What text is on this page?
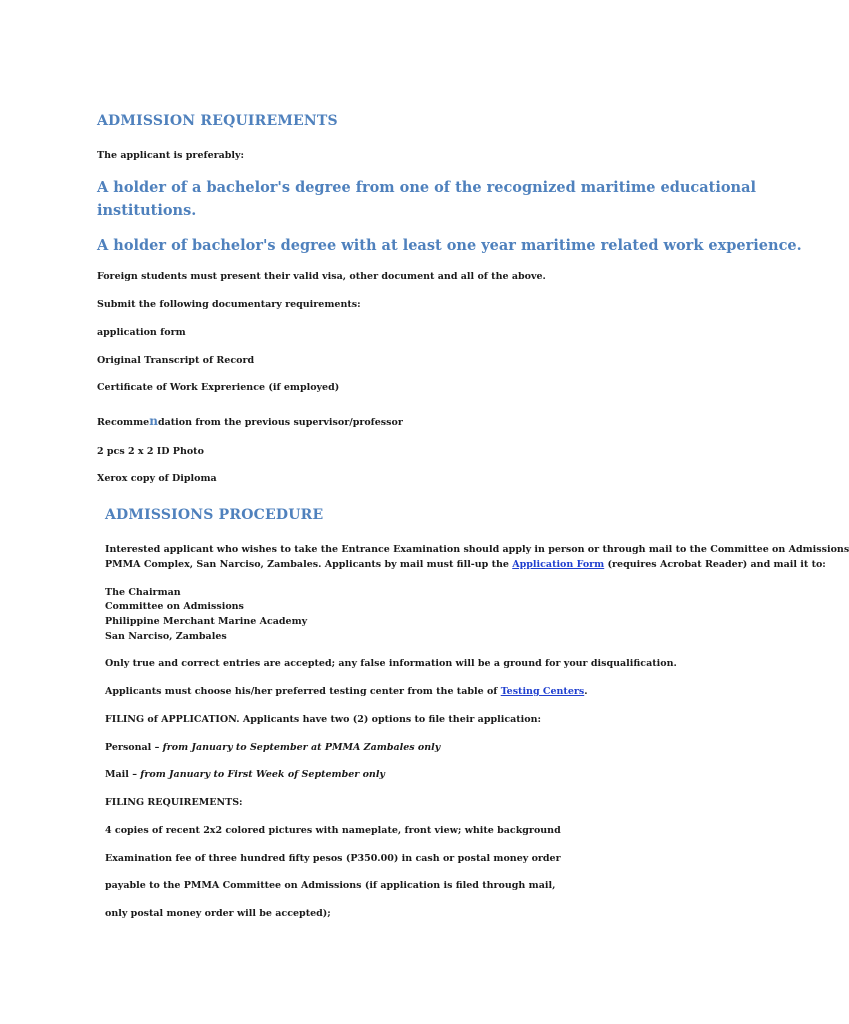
ADMISSION REQUIREMENTS
The applicant is preferably:
A holder of a bachelor's degree from one of the recognized maritime educational
institutions.
A holder of bachelor's degree with at least one year maritime related work experience.
Foreign students must present their valid visa, other document and all of the above.
Submit the following documentary requirements:
application form
Original Transcript of Record
Certificate of Work Exprerience (if employed)
Recommendation from the previous supervisor/professor
2 pcs 2 x 2 ID Photo
Xerox copy of Diploma
ADMISSIONS PROCEDURE
Interested applicant who wishes to take the Entrance Examination should apply in person or through mail to the Committee on Admissions
PMMA Complex, San Narciso, Zambales. Applicants by mail must fill-up the Application Form (requires Acrobat Reader) and mail it to:
The Chairman
Committee on Admissions
Philippine Merchant Marine Academy
San Narciso, Zambales
Only true and correct entries are accepted; any false information will be a ground for your disqualification.
Applicants must choose his/her preferred testing center from the table of Testing Centers.
FILING of APPLICATION. Applicants have two (2) options to file their application:
Personal – from January to September at PMMA Zambales only
Mail – from January to First Week of September only
FILING REQUIREMENTS:
4 copies of recent 2x2 colored pictures with nameplate, front view; white background
Examination fee of three hundred fifty pesos (P350.00) in cash or postal money order
payable to the PMMA Committee on Admissions (if application is filed through mail,
only postal money order will be accepted);
